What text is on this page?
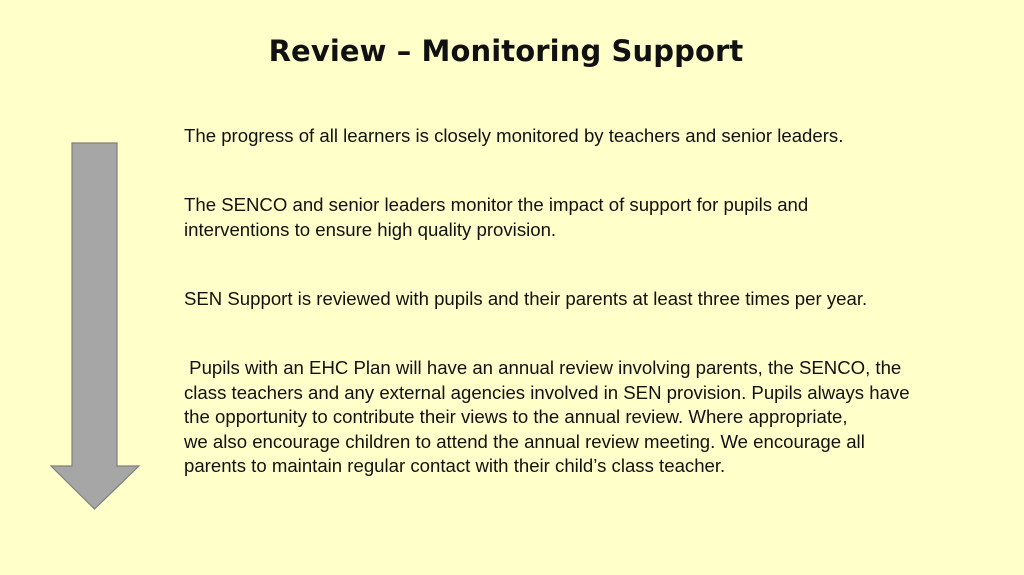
Review – Monitoring Support

The progress of all learners is closely monitored by teachers and senior leaders.

The SENCO and senior leaders monitor the impact of support for pupils and
interventions to ensure high quality provision.

SEN Support is reviewed with pupils and their parents at least three times per year.

Pupils with an EHC Plan will have an annual review involving parents, the SENCO, the
class teachers and any external agencies involved in SEN provision. Pupils always have
the opportunity to contribute their views to the annual review. Where appropriate,
we also encourage children to attend the annual review meeting. We encourage all
parents to maintain regular contact with their child’s class teacher.
